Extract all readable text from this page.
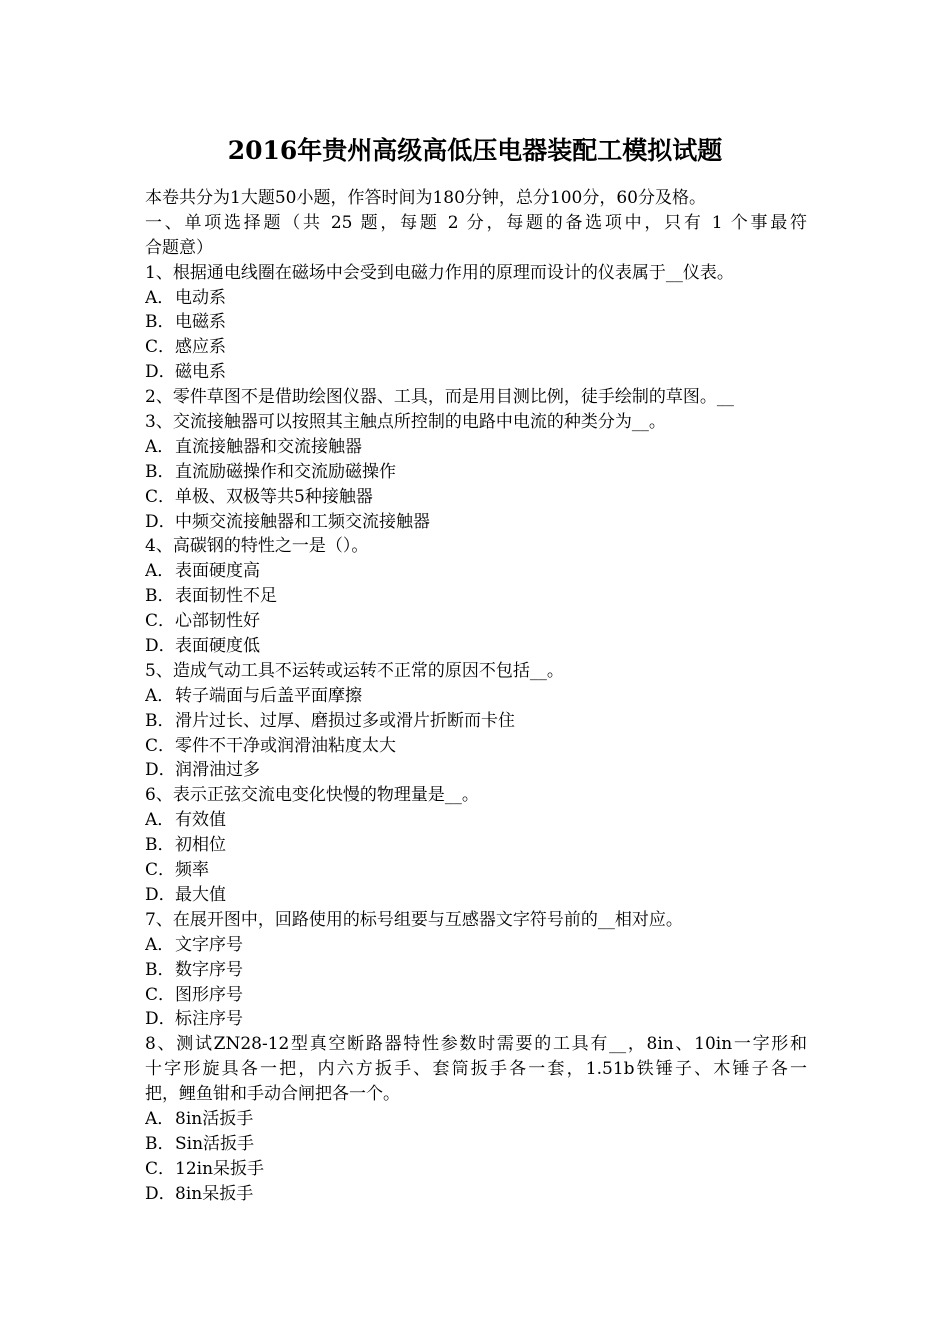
2016年贵州高级高低压电器装配工模拟试题
本卷共分为1大题50小题，作答时间为180分钟，总分100分，60分及格。
一、单项选择题（共 25 题，每题 2 分，每题的备选项中，只有 1 个事最符
合题意）
1、根据通电线圈在磁场中会受到电磁力作用的原理而设计的仪表属于__仪表。
A．电动系
B．电磁系
C．感应系
D．磁电系
2、零件草图不是借助绘图仪器、工具，而是用目测比例，徒手绘制的草图。__
3、交流接触器可以按照其主触点所控制的电路中电流的种类分为__。
A．直流接触器和交流接触器
B．直流励磁操作和交流励磁操作
C．单极、双极等共5种接触器
D．中频交流接触器和工频交流接触器
4、高碳钢的特性之一是（）。
A．表面硬度高
B．表面韧性不足
C．心部韧性好
D．表面硬度低
5、造成气动工具不运转或运转不正常的原因不包括__。
A．转子端面与后盖平面摩擦
B．滑片过长、过厚、磨损过多或滑片折断而卡住
C．零件不干净或润滑油粘度太大
D．润滑油过多
6、表示正弦交流电变化快慢的物理量是__。
A．有效值
B．初相位
C．频率
D．最大值
7、在展开图中，回路使用的标号组要与互感器文字符号前的__相对应。
A．文字序号
B．数字序号
C．图形序号
D．标注序号
8、测试ZN28-12型真空断路器特性参数时需要的工具有__，8in、10in一字形和
十字形旋具各一把，内六方扳手、套筒扳手各一套，1.51b铁锤子、木锤子各一
把，鲤鱼钳和手动合闸把各一个。
A．8in活扳手
B．Sin活扳手
C．12in呆扳手
D．8in呆扳手
